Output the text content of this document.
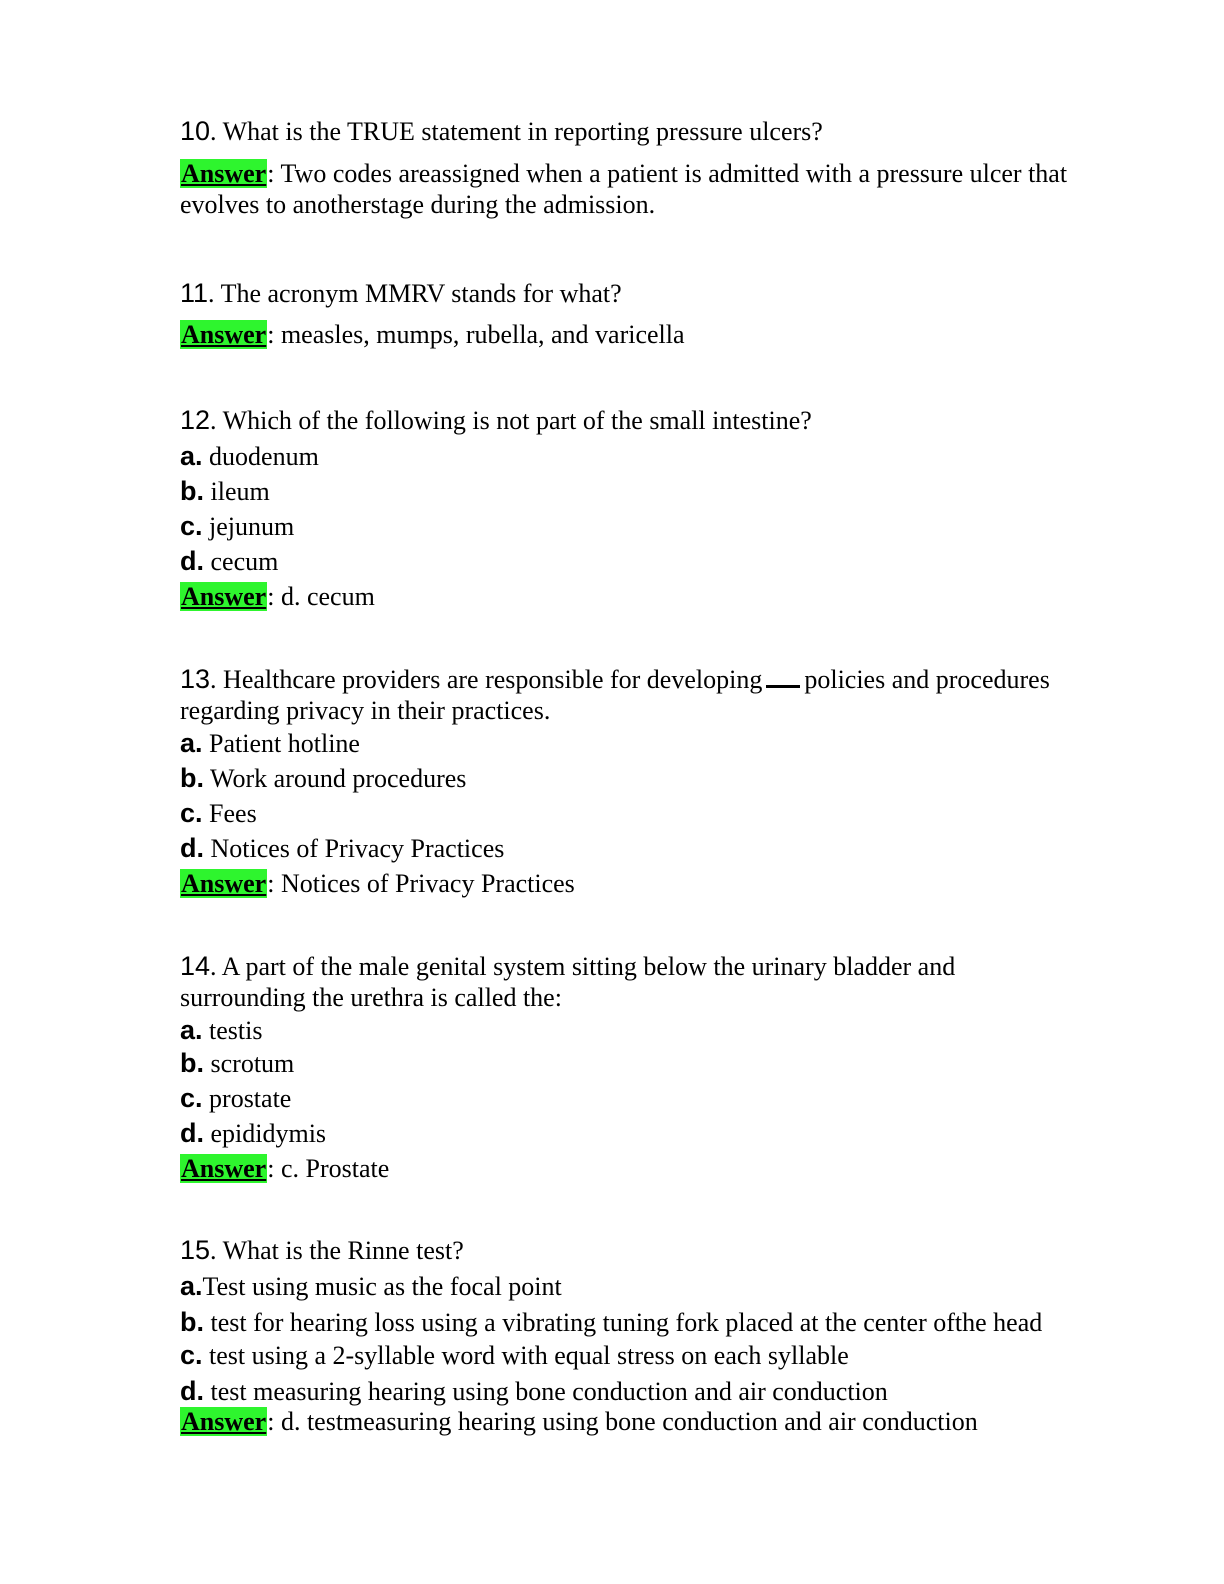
10. What is the TRUE statement in reporting pressure ulcers?
Answer: Two codes areassigned when a patient is admitted with a pressure ulcer that evolves to anotherstage during the admission.
11. The acronym MMRV stands for what?
Answer: measles, mumps, rubella, and varicella
12. Which of the following is not part of the small intestine?
a. duodenum
b. ileum
c. jejunum
d. cecum
Answer: d. cecum
13. Healthcare providers are responsible for developing policies and procedures regarding privacy in their practices.
a. Patient hotline
b. Work around procedures
c. Fees
d. Notices of Privacy Practices
Answer: Notices of Privacy Practices
14. A part of the male genital system sitting below the urinary bladder and surrounding the urethra is called the:
a. testis
b. scrotum
c. prostate
d. epididymis
Answer: c. Prostate
15. What is the Rinne test?
a.Test using music as the focal point
b. test for hearing loss using a vibrating tuning fork placed at the center ofthe head
c. test using a 2-syllable word with equal stress on each syllable
d. test measuring hearing using bone conduction and air conduction
Answer: d. testmeasuring hearing using bone conduction and air conduction
